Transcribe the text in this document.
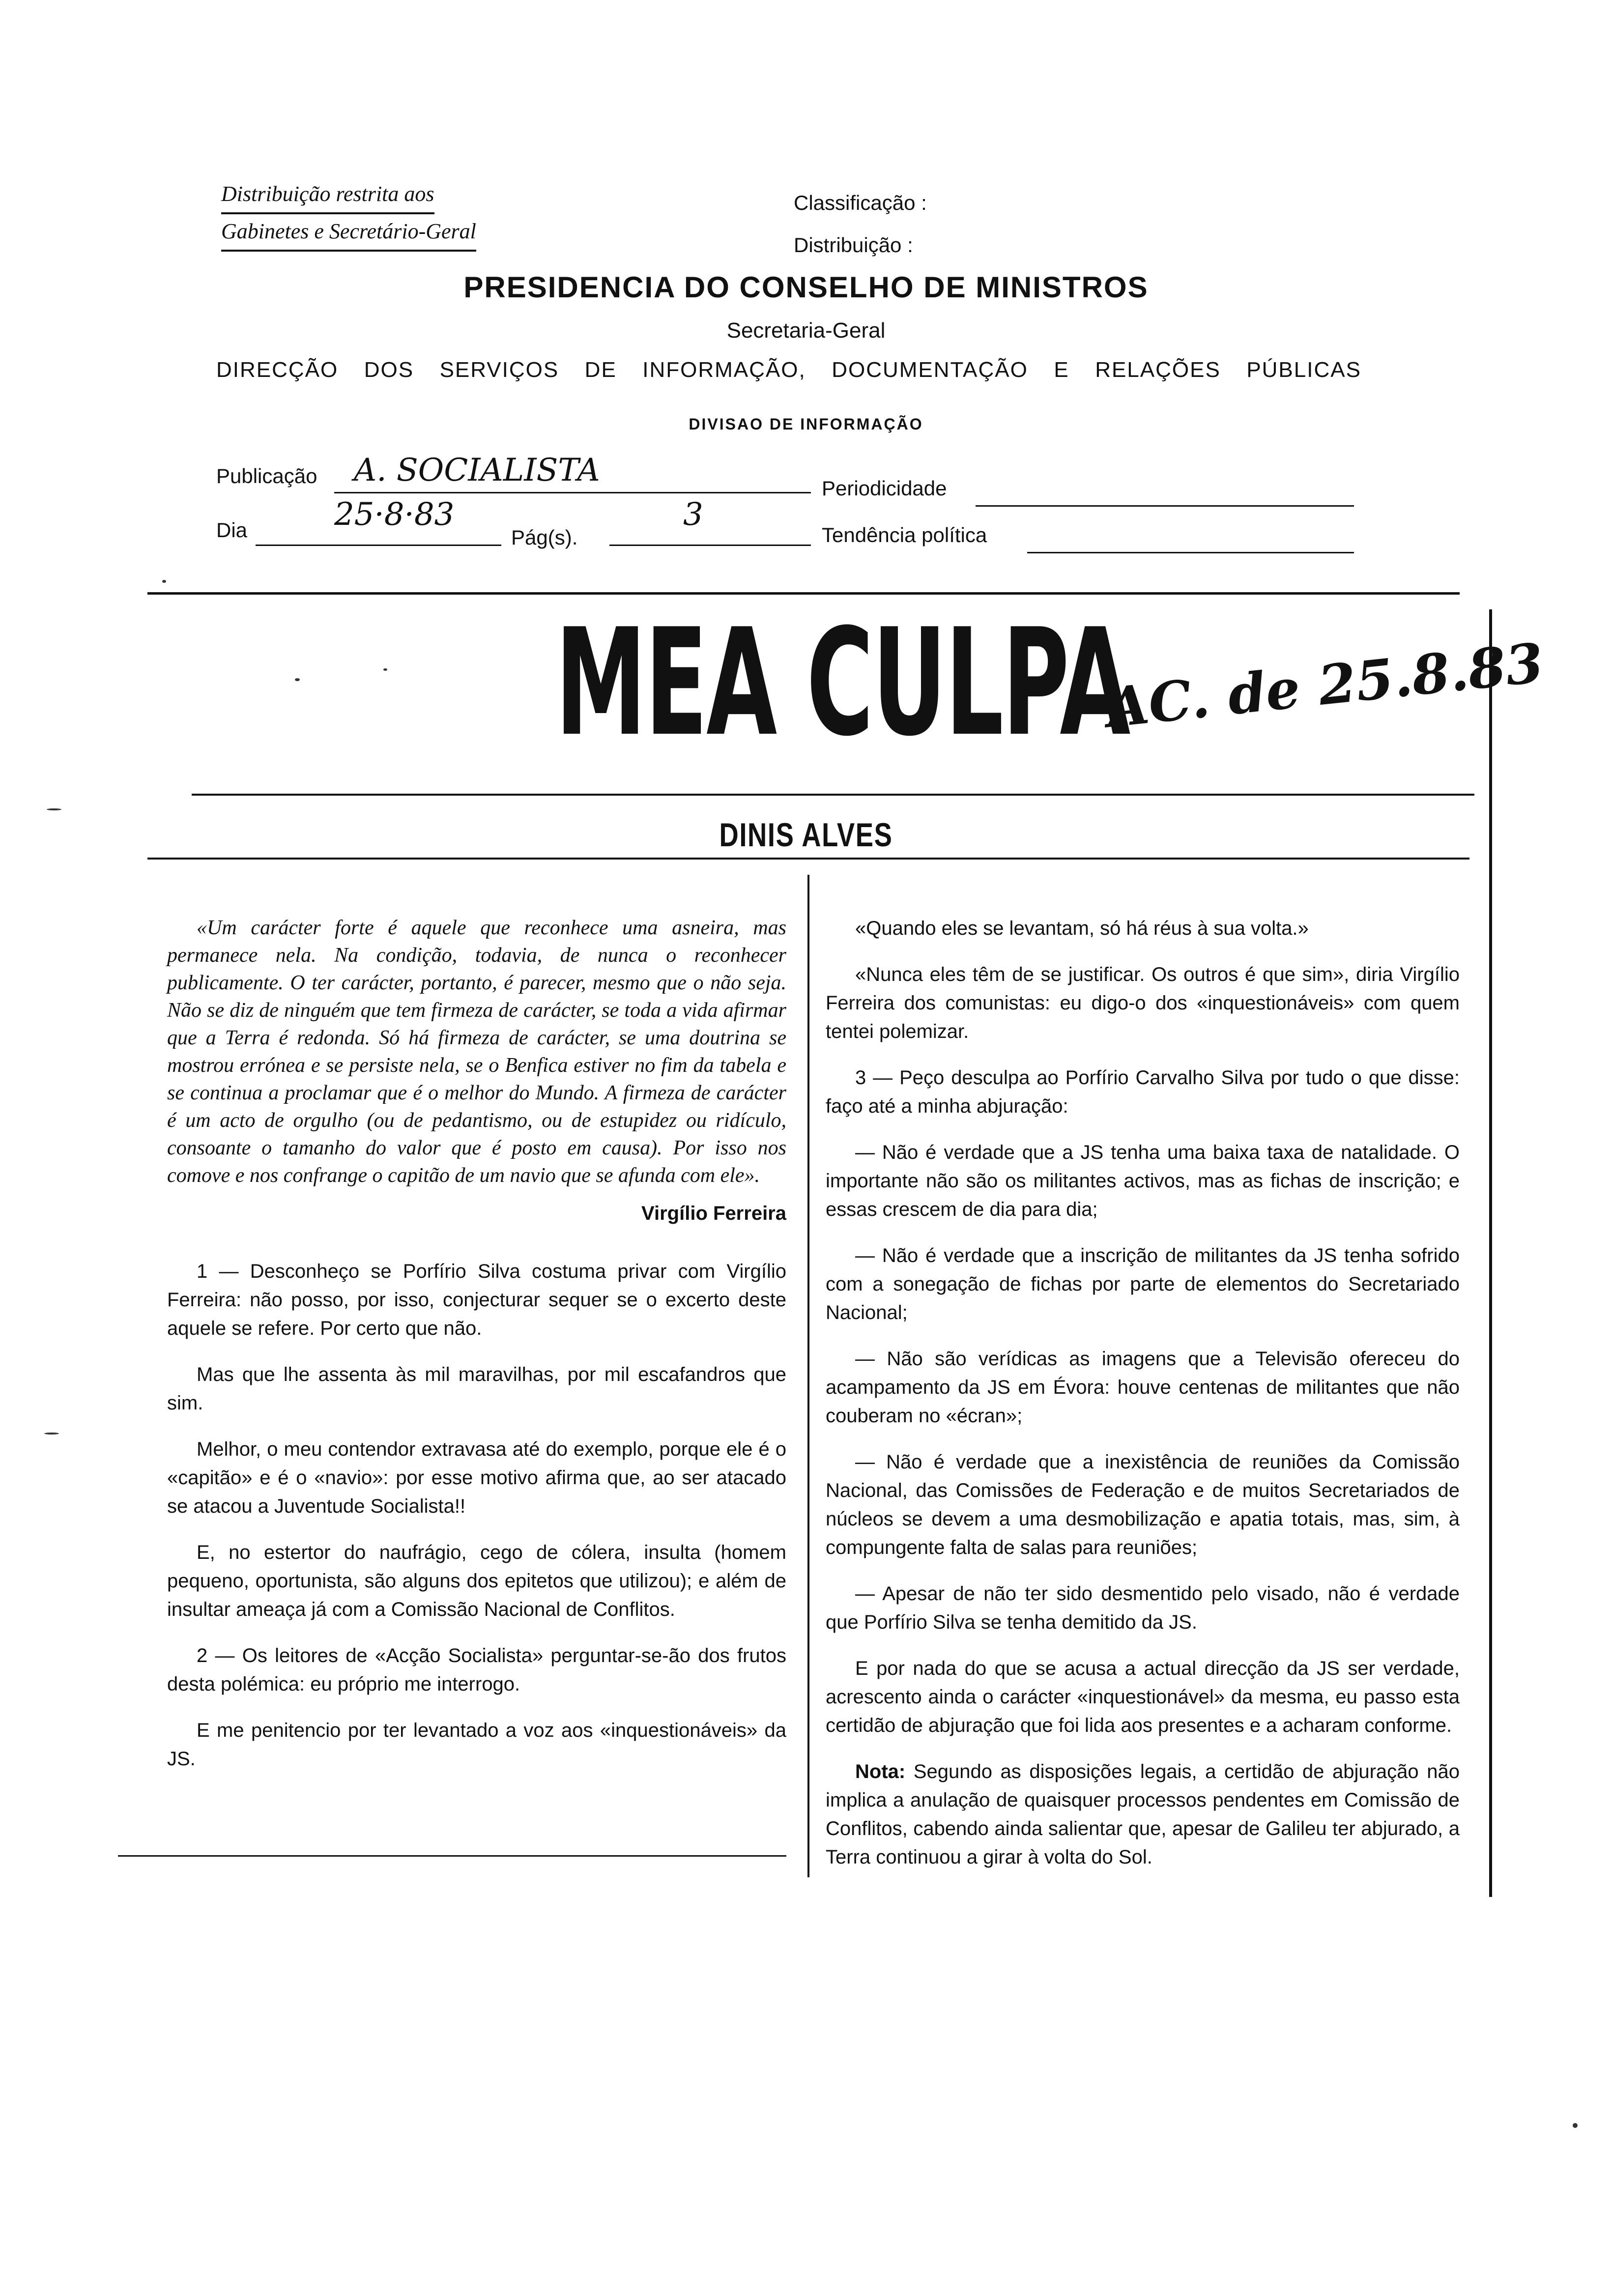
Distribuição restrita aos
Gabinetes e Secretário-Geral
Classificação :
Distribuição :
PRESIDENCIA DO CONSELHO DE MINISTROS
Secretaria-Geral
DIRECÇÃO DOS SERVIÇOS DE INFORMAÇÃO, DOCUMENTAÇÃO E RELAÇÕES PÚBLICAS
DIVISAO DE INFORMAÇÃO
Publicação A. SOCIALISTA	Periodicidade
Dia	25·8·83
Pág(s).
3
Tendência política
MEA CULPA
AC. de 25.8.83
DINIS ALVES

«Um carácter forte é aquele que reconhece uma asneira, mas permanece nela. Na condição, todavia, de nunca o reconhecer publicamente. O ter carácter, portanto, é parecer, mesmo que o não seja. Não se diz de ninguém que tem firmeza de carácter, se toda a vida afirmar que a Terra é redonda. Só há firmeza de carácter, se uma doutrina se mostrou errónea e se persiste nela, se o Benfica estiver no fim da tabela e se continua a proclamar que é o melhor do Mundo. A firmeza de carácter é um acto de orgulho (ou de pedantismo, ou de estupidez ou ridículo, consoante o tamanho do valor que é posto em causa). Por isso nos comove e nos confrange o capitão de um navio que se afunda com ele».

Virgílio Ferreira

1 — Desconheço se Porfírio Silva costuma privar com Virgílio Ferreira: não posso, por isso, conjecturar sequer se o excerto deste aquele se refere. Por certo que não.

Mas que lhe assenta às mil maravilhas, por mil escafandros que sim.

Melhor, o meu contendor extravasa até do exemplo, porque ele é o «capitão» e é o «navio»: por esse motivo afirma que, ao ser atacado se atacou a Juventude Socialista!!

E, no estertor do naufrágio, cego de cólera, insulta (homem pequeno, oportunista, são alguns dos epitetos que utilizou); e além de insultar ameaça já com a Comissão Nacional de Conflitos.

2 — Os leitores de «Acção Socialista» perguntar-se-ão dos frutos desta polémica: eu próprio me interrogo.

E me penitencio por ter levantado a voz aos «inquestionáveis» da JS.

«Quando eles se levantam, só há réus à sua volta.»

«Nunca eles têm de se justificar. Os outros é que sim», diria Virgílio Ferreira dos comunistas: eu digo-o dos «inquestionáveis» com quem tentei polemizar.

3 — Peço desculpa ao Porfírio Carvalho Silva por tudo o que disse: faço até a minha abjuração:

— Não é verdade que a JS tenha uma baixa taxa de natalidade. O importante não são os militantes activos, mas as fichas de inscrição; e essas crescem de dia para dia;

— Não é verdade que a inscrição de militantes da JS tenha sofrido com a sonegação de fichas por parte de elementos do Secretariado Nacional;

— Não são verídicas as imagens que a Televisão ofereceu do acampamento da JS em Évora: houve centenas de militantes que não couberam no «écran»;

— Não é verdade que a inexistência de reuniões da Comissão Nacional, das Comissões de Federação e de muitos Secretariados de núcleos se devem a uma desmobilização e apatia totais, mas, sim, à compungente falta de salas para reuniões;

— Apesar de não ter sido desmentido pelo visado, não é verdade que Porfírio Silva se tenha demitido da JS.

E por nada do que se acusa a actual direcção da JS ser verdade, acrescento ainda o carácter «inquestionável» da mesma, eu passo esta certidão de abjuração que foi lida aos presentes e a acharam conforme.

Nota: Segundo as disposições legais, a certidão de abjuração não implica a anulação de quaisquer processos pendentes em Comissão de Conflitos, cabendo ainda salientar que, apesar de Galileu ter abjurado, a Terra continuou a girar à volta do Sol.
